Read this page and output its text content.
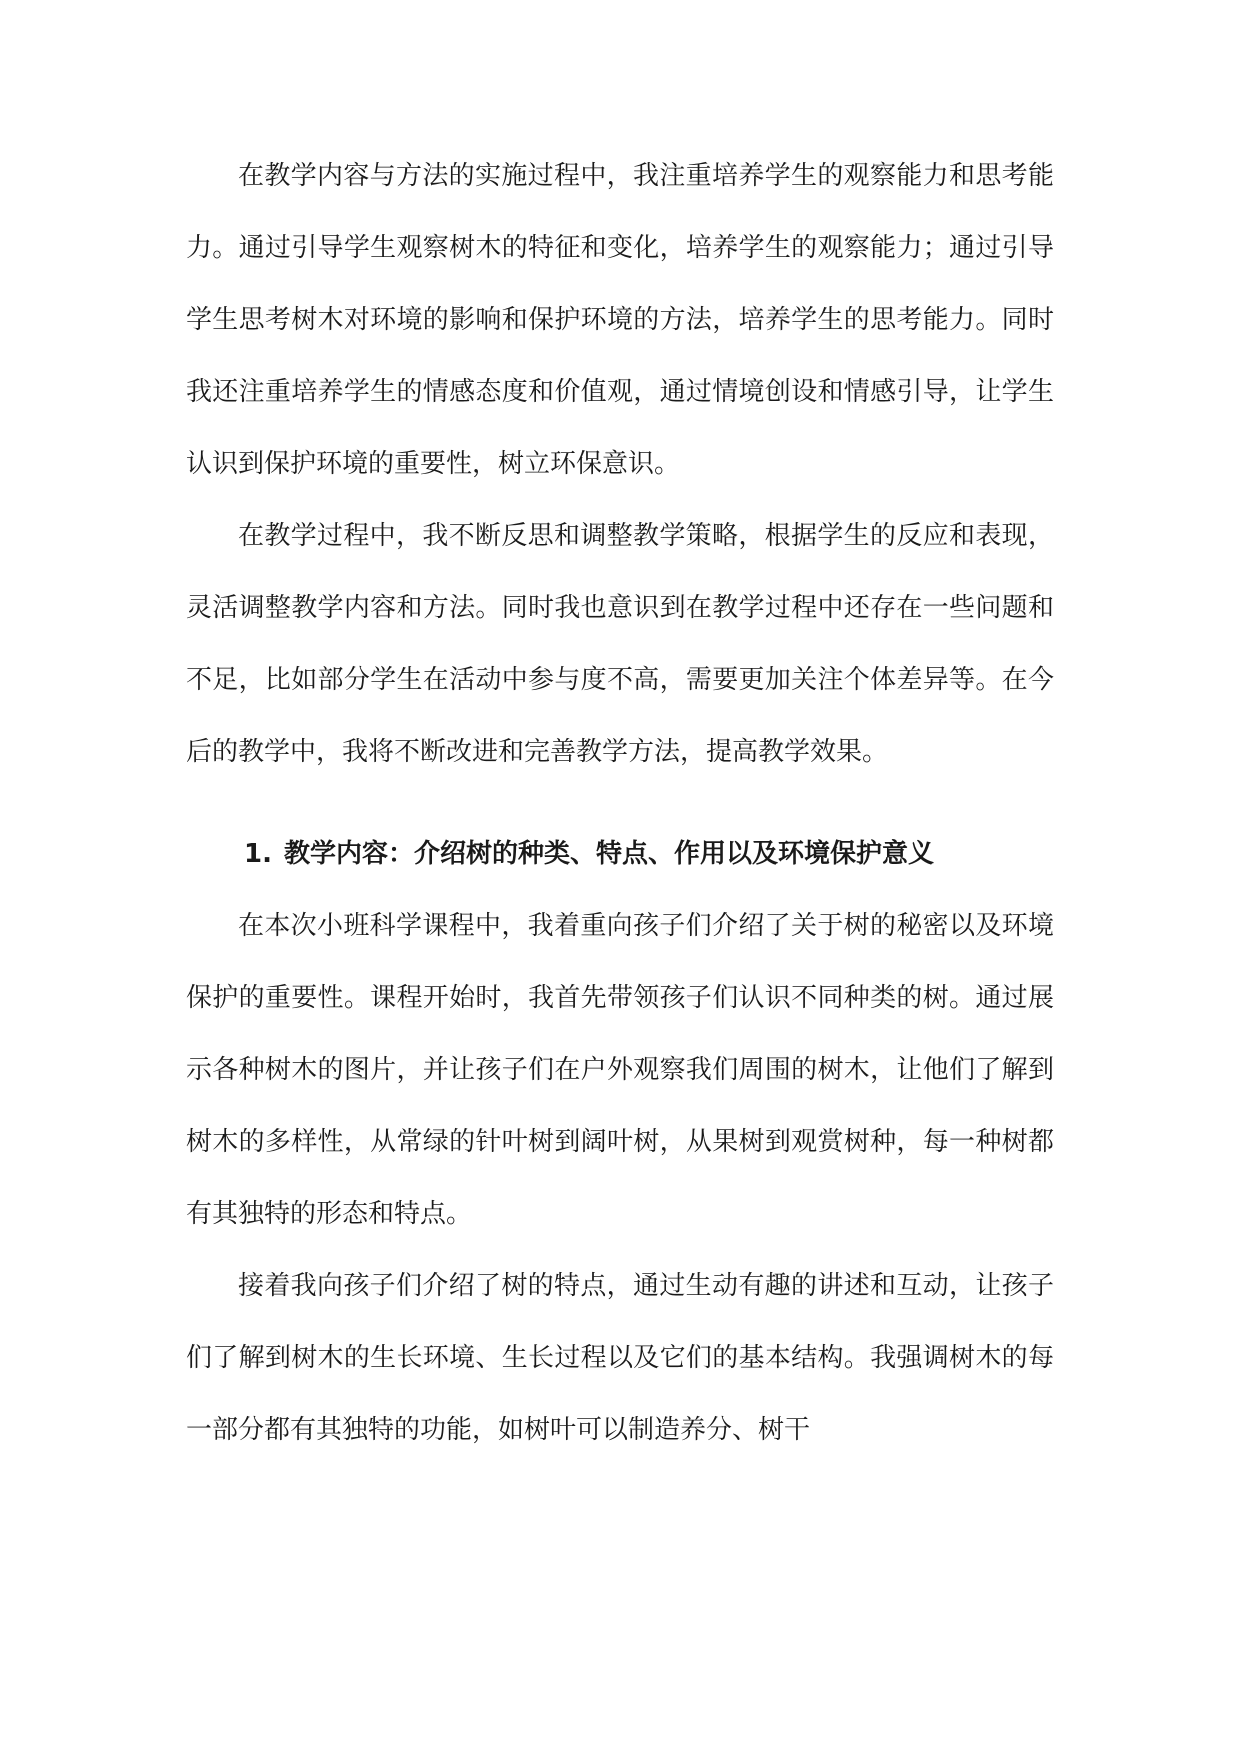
在教学内容与方法的实施过程中，我注重培养学生的观察能力和思考能力。通过引导学生观察树木的特征和变化，培养学生的观察能力；通过引导学生思考树木对环境的影响和保护环境的方法，培养学生的思考能力。同时我还注重培养学生的情感态度和价值观，通过情境创设和情感引导，让学生认识到保护环境的重要性，树立环保意识。

在教学过程中，我不断反思和调整教学策略，根据学生的反应和表现，灵活调整教学内容和方法。同时我也意识到在教学过程中还存在一些问题和不足，比如部分学生在活动中参与度不高，需要更加关注个体差异等。在今后的教学中，我将不断改进和完善教学方法，提高教学效果。

1. 教学内容：介绍树的种类、特点、作用以及环境保护意义

在本次小班科学课程中，我着重向孩子们介绍了关于树的秘密以及环境保护的重要性。课程开始时，我首先带领孩子们认识不同种类的树。通过展示各种树木的图片，并让孩子们在户外观察我们周围的树木，让他们了解到树木的多样性，从常绿的针叶树到阔叶树，从果树到观赏树种，每一种树都有其独特的形态和特点。

接着我向孩子们介绍了树的特点，通过生动有趣的讲述和互动，让孩子们了解到树木的生长环境、生长过程以及它们的基本结构。我强调树木的每一部分都有其独特的功能，如树叶可以制造养分、树干
